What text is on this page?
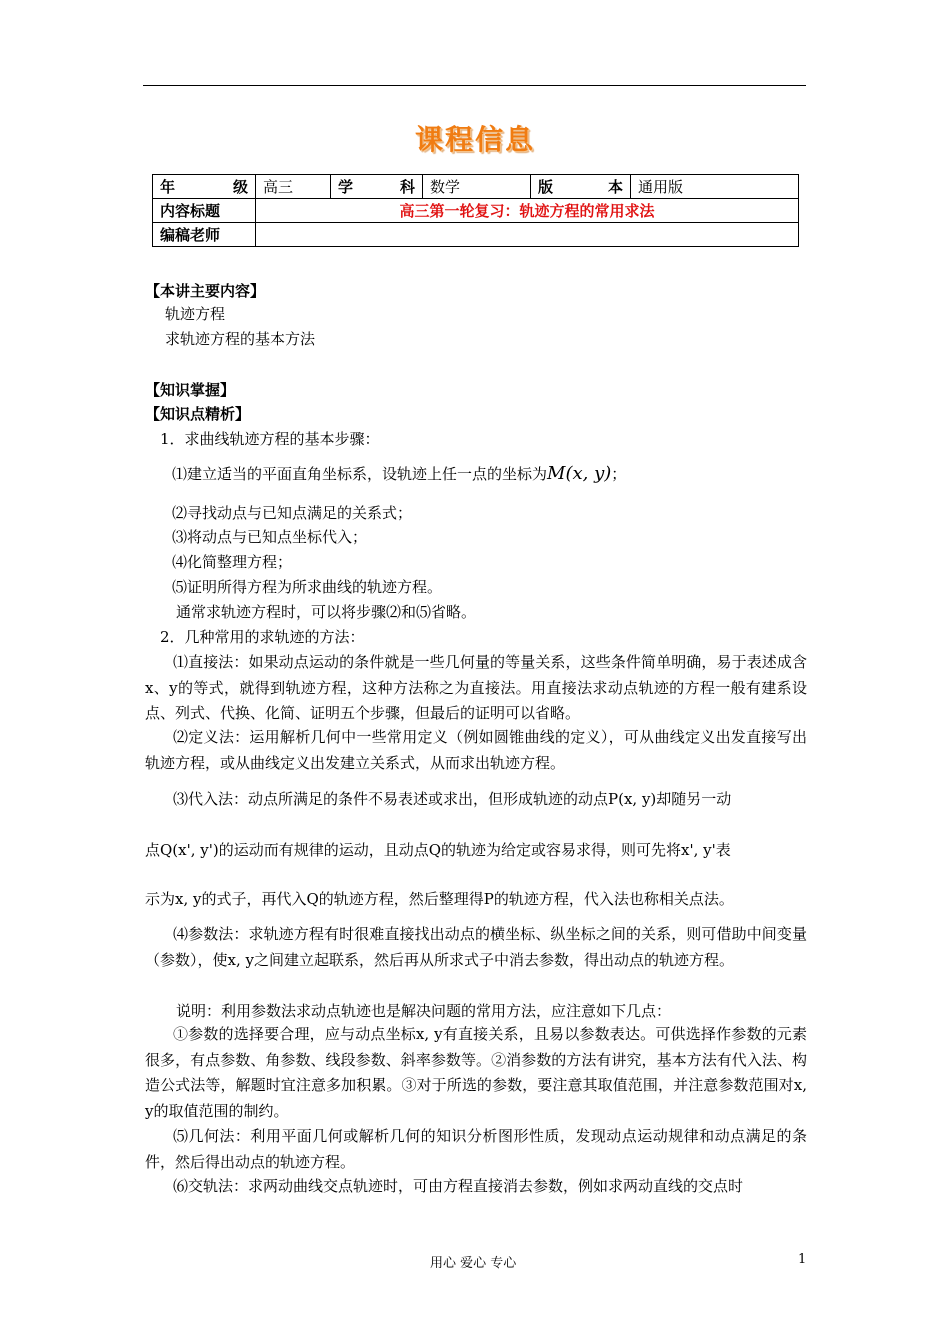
课程信息
年　级	高三	学　科	数学	版　本	通用版
内容标题	高三第一轮复习：轨迹方程的常用求法				
编稿老师					
【本讲主要内容】
轨迹方程
求轨迹方程的基本方法
【知识掌握】
【知识点精析】
1．求曲线轨迹方程的基本步骤：
⑴建立适当的平面直角坐标系，设轨迹上任一点的坐标为M(x, y)；
⑵寻找动点与已知点满足的关系式；
⑶将动点与已知点坐标代入；
⑷化简整理方程；
⑸证明所得方程为所求曲线的轨迹方程。
通常求轨迹方程时，可以将步骤⑵和⑸省略。
2．几种常用的求轨迹的方法：
⑴直接法：如果动点运动的条件就是一些几何量的等量关系，这些条件简单明确，易于表述成含x、y的等式，就得到轨迹方程，这种方法称之为直接法。用直接法求动点轨迹的方程一般有建系设点、列式、代换、化简、证明五个步骤，但最后的证明可以省略。
⑵定义法：运用解析几何中一些常用定义（例如圆锥曲线的定义），可从曲线定义出发直接写出轨迹方程，或从曲线定义出发建立关系式，从而求出轨迹方程。
⑶代入法：动点所满足的条件不易表述或求出，但形成轨迹的动点P(x, y)却随另一动
点Q(x', y')的运动而有规律的运动，且动点Q的轨迹为给定或容易求得，则可先将x', y'表
示为x, y的式子，再代入Q的轨迹方程，然后整理得P的轨迹方程，代入法也称相关点法。
⑷参数法：求轨迹方程有时很难直接找出动点的横坐标、纵坐标之间的关系，则可借助中间变量（参数），使x, y之间建立起联系，然后再从所求式子中消去参数，得出动点的轨迹方程。
说明：利用参数法求动点轨迹也是解决问题的常用方法，应注意如下几点：
①参数的选择要合理，应与动点坐标x, y有直接关系，且易以参数表达。可供选择作参数的元素很多，有点参数、角参数、线段参数、斜率参数等。②消参数的方法有讲究，基本方法有代入法、构造公式法等，解题时宜注意多加积累。③对于所选的参数，要注意其取值范围，并注意参数范围对x, y的取值范围的制约。
⑸几何法：利用平面几何或解析几何的知识分析图形性质，发现动点运动规律和动点满足的条件，然后得出动点的轨迹方程。
⑹交轨法：求两动曲线交点轨迹时，可由方程直接消去参数，例如求两动直线的交点时
用心 爱心 专心	1
